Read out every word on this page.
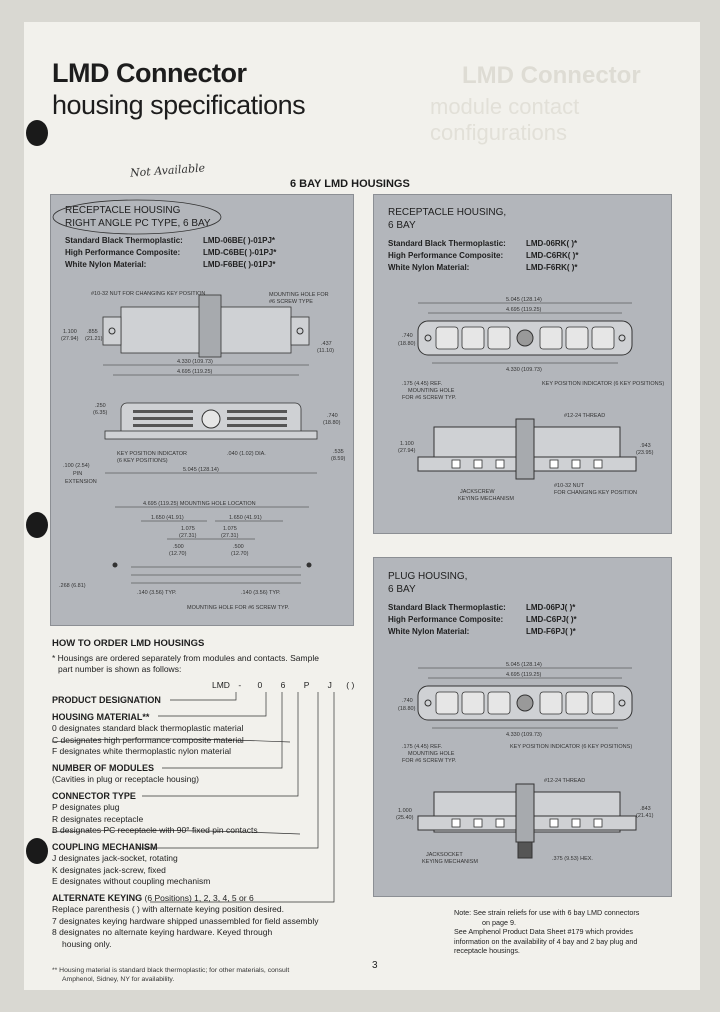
LMD Connector
module contact configurations
LMD Connector
housing specifications
Not Available
6 BAY LMD HOUSINGS
RECEPTACLE HOUSING
RIGHT ANGLE PC TYPE, 6 BAY
#10-32 NUT FOR CHANGING KEY POSITION	MOUNTING HOLE FOR
#6 SCREW TYPE
1.100
(27.94)
.855
(21.21)
.437
(11.10)
4.330 (109.73)
4.695 (119.25)
.250
(6.35)	.740
(18.80)
.535
(8.59)
KEY POSITION INDICATOR
(6 KEY POSITIONS)
.040 (1.02) DIA.
.100 (2.54)
PIN
EXTENSION
5.045 (128.14)
4.695 (119.25) MOUNTING HOLE LOCATION
1.650 (41.91)	1.650 (41.91)
1.075
(27.31)
1.075
(27.31)
.500
(12.70)
.500
(12.70)
.268 (6.81)
.140 (3.56) TYP.	.140 (3.56) TYP.
MOUNTING HOLE FOR #6 SCREW TYP.
Standard Black Thermoplastic:	LMD-06BE( )-01PJ*
High Performance Composite:	LMD-C6BE( )-01PJ*
White Nylon Material:	LMD-F6BE( )-01PJ*
RECEPTACLE HOUSING,
6 BAY
Standard Black Thermoplastic:	LMD-06RK( )*
High Performance Composite:	LMD-C6RK( )*
White Nylon Material:	LMD-F6RK( )*
5.045 (128.14)
4.695 (119.25)
.740
(18.80)
4.330 (109.73)
.175 (4.45) REF.
MOUNTING HOLE
FOR #6 SCREW TYP.
KEY POSITION INDICATOR (6 KEY POSITIONS)
#12-24 THREAD
1.100
(27.94)
.943
(23.95)
JACKSCREW
KEYING MECHANISM
#10-32 NUT
FOR CHANGING KEY POSITION
PLUG HOUSING,
6 BAY
Standard Black Thermoplastic:	LMD-06PJ( )*
High Performance Composite:	LMD-C6PJ( )*
White Nylon Material:	LMD-F6PJ( )*
5.045 (128.14)
4.695 (119.25)
.740
(18.80)
4.330 (109.73)
.175 (4.45) REF.
MOUNTING HOLE
FOR #6 SCREW TYP.
KEY POSITION INDICATOR (6 KEY POSITIONS)
#12-24 THREAD
1.000
(25.40)
.843
(21.41)
JACKSOCKET
KEYING MECHANISM	.375 (9.53) HEX.
HOW TO ORDER LMD HOUSINGS
* Housings are ordered separately from modules and contacts. Sample
part number is shown as follows:
LMD - 0 6 P J ( )
PRODUCT DESIGNATION
HOUSING MATERIAL**
0 designates standard black thermoplastic material
C designates high performance composite material
F designates white thermoplastic nylon material
NUMBER OF MODULES
(Cavities in plug or receptacle housing)
CONNECTOR TYPE
P designates plug
R designates receptacle
B designates PC receptacle with 90° fixed pin contacts
COUPLING MECHANISM
J designates jack-socket, rotating
K designates jack-screw, fixed
E designates without coupling mechanism
ALTERNATE KEYING (6 Positions) 1, 2, 3, 4, 5 or 6
Replace parenthesis ( ) with alternate keying position desired.
7 designates keying hardware shipped unassembled for field assembly
8 designates no alternate keying hardware. Keyed through
housing only.
** Housing material is standard black thermoplastic; for other materials, consult
Amphenol, Sidney, NY for availability.
Note: See strain reliefs for use with 6 bay LMD connectors
on page 9.
See Amphenol Product Data Sheet #179 which provides
information on the availability of 4 bay and 2 bay plug and
receptacle housings.
3
